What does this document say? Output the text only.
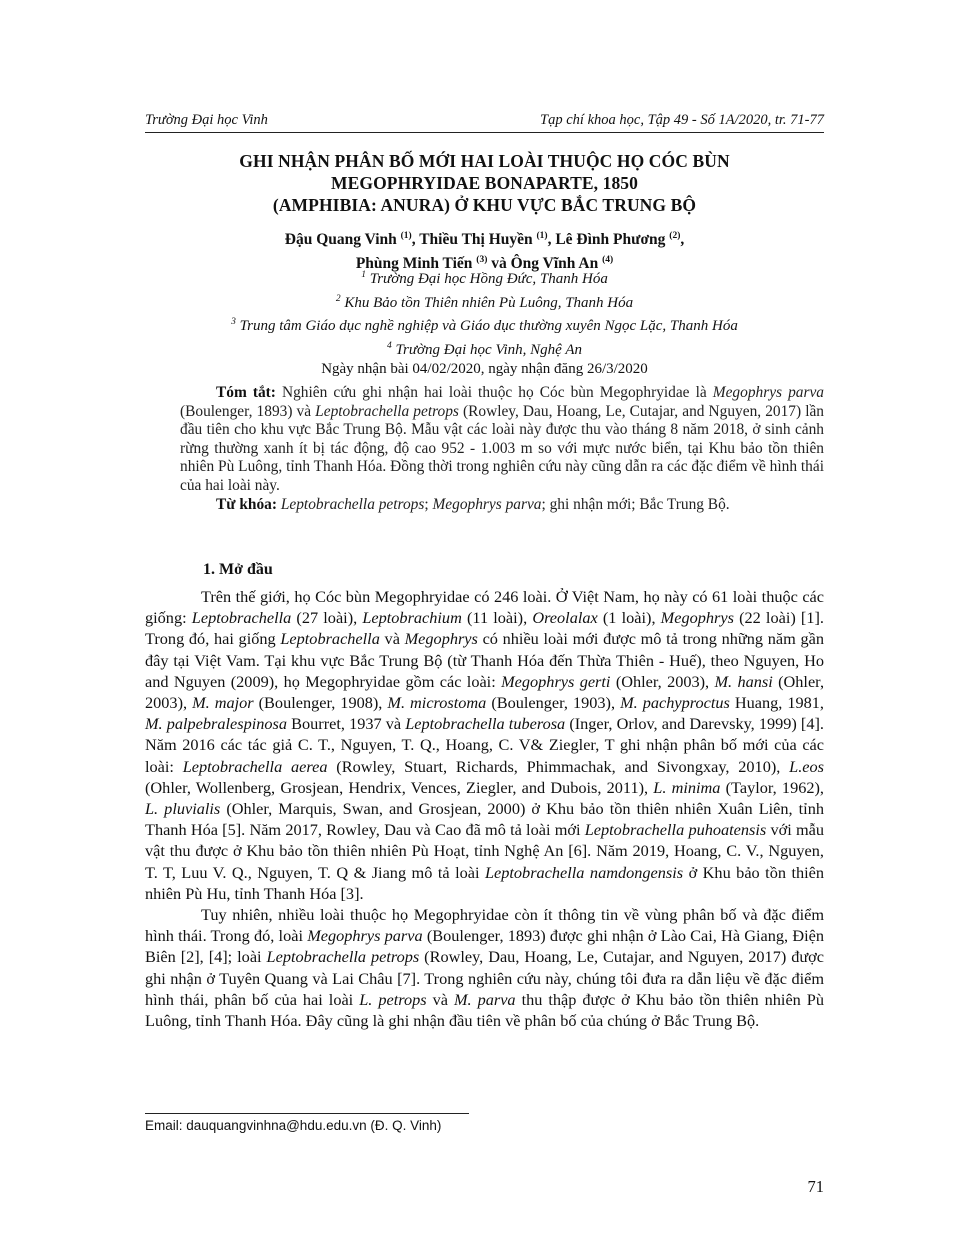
Trường Đại học Vinh	Tạp chí khoa học, Tập 49 - Số 1A/2020, tr. 71-77
GHI NHẬN PHÂN BỐ MỚI HAI LOÀI THUỘC HỌ CÓC BÙN
MEGOPHRYIDAE BONAPARTE, 1850
(AMPHIBIA: ANURA) Ở KHU VỰC BẮC TRUNG BỘ
Đậu Quang Vinh $^{(1)}$, Thiều Thị Huyền $^{(1)}$, Lê Đình Phương $^{(2)}$,
Phùng Minh Tiến $^{(3)}$ và Ông Vĩnh An $^{(4)}$
$^1$ Trường Đại học Hồng Đức, Thanh Hóa
$^2$ Khu Bảo tồn Thiên nhiên Pù Luông, Thanh Hóa
$^3$ Trung tâm Giáo dục nghề nghiệp và Giáo dục thường xuyên Ngọc Lặc, Thanh Hóa
$^4$ Trường Đại học Vinh, Nghệ An
Ngày nhận bài 04/02/2020, ngày nhận đăng 26/3/2020

Tóm tắt: Nghiên cứu ghi nhận hai loài thuộc họ Cóc bùn Megophryidae là Megophrys parva (Boulenger, 1893) và Leptobrachella petrops (Rowley, Dau, Hoang, Le, Cutajar, and Nguyen, 2017) lần đầu tiên cho khu vực Bắc Trung Bộ. Mẫu vật các loài này được thu vào tháng 8 năm 2018, ở sinh cảnh rừng thường xanh ít bị tác động, độ cao 952 - 1.003 m so với mực nước biển, tại Khu bảo tồn thiên nhiên Pù Luông, tỉnh Thanh Hóa. Đồng thời trong nghiên cứu này cũng dẫn ra các đặc điểm về hình thái của hai loài này.

Từ khóa: Leptobrachella petrops; Megophrys parva; ghi nhận mới; Bắc Trung Bộ.

1. Mở đầu

Trên thế giới, họ Cóc bùn Megophryidae có 246 loài. Ở Việt Nam, họ này có 61 loài thuộc các giống: Leptobrachella (27 loài), Leptobrachium (11 loài), Oreolalax (1 loài), Megophrys (22 loài) [1]. Trong đó, hai giống Leptobrachella và Megophrys có nhiều loài mới được mô tả trong những năm gần đây tại Việt Vam. Tại khu vực Bắc Trung Bộ (từ Thanh Hóa đến Thừa Thiên - Huế), theo Nguyen, Ho and Nguyen (2009), họ Megophryidae gồm các loài: Megophrys gerti (Ohler, 2003), M. hansi (Ohler, 2003), M. major (Boulenger, 1908), M. microstoma (Boulenger, 1903), M. pachyproctus Huang, 1981, M. palpebralespinosa Bourret, 1937 và Leptobrachella tuberosa (Inger, Orlov, and Darevsky, 1999) [4]. Năm 2016 các tác giả C. T., Nguyen, T. Q., Hoang, C. V& Ziegler, T ghi nhận phân bố mới của các loài: Leptobrachella aerea (Rowley, Stuart, Richards, Phimmachak, and Sivongxay, 2010), L.eos (Ohler, Wollenberg, Grosjean, Hendrix, Vences, Ziegler, and Dubois, 2011), L. minima (Taylor, 1962), L. pluvialis (Ohler, Marquis, Swan, and Grosjean, 2000) ở Khu bảo tồn thiên nhiên Xuân Liên, tỉnh Thanh Hóa [5]. Năm 2017, Rowley, Dau và Cao đã mô tả loài mới Leptobrachella puhoatensis với mẫu vật thu được ở Khu bảo tồn thiên nhiên Pù Hoạt, tỉnh Nghệ An [6]. Năm 2019, Hoang, C. V., Nguyen, T. T, Luu V. Q., Nguyen, T. Q & Jiang mô tả loài Leptobrachella namdongensis ở Khu bảo tồn thiên nhiên Pù Hu, tỉnh Thanh Hóa [3].

Tuy nhiên, nhiều loài thuộc họ Megophryidae còn ít thông tin về vùng phân bố và đặc điểm hình thái. Trong đó, loài Megophrys parva (Boulenger, 1893) được ghi nhận ở Lào Cai, Hà Giang, Điện Biên [2], [4]; loài Leptobrachella petrops (Rowley, Dau, Hoang, Le, Cutajar, and Nguyen, 2017) được ghi nhận ở Tuyên Quang và Lai Châu [7]. Trong nghiên cứu này, chúng tôi đưa ra dẫn liệu về đặc điểm hình thái, phân bố của hai loài L. petrops và M. parva thu thập được ở Khu bảo tồn thiên nhiên Pù Luông, tỉnh Thanh Hóa. Đây cũng là ghi nhận đầu tiên về phân bố của chúng ở Bắc Trung Bộ.

Email: dauquangvinhna@hdu.edu.vn (Đ. Q. Vinh)
71
